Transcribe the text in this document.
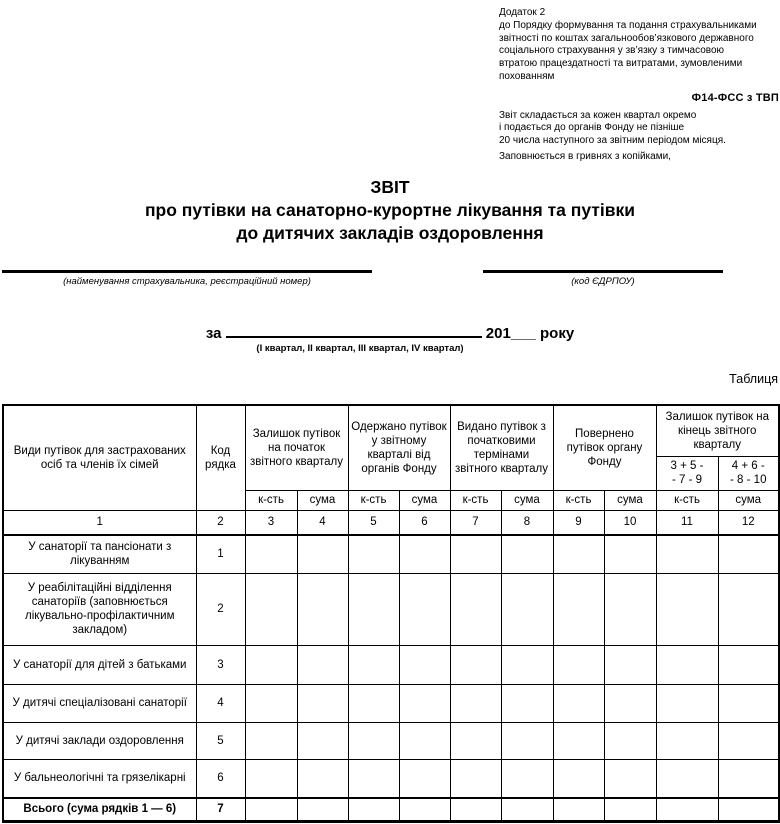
Додаток 2
до Порядку формування та подання страхувальниками
звітності по коштах загальнообов’язкового державного
соціального страхування у зв’язку з тимчасовою
втратою працездатності та витратами, зумовленими
похованням
Ф14-ФСС з ТВП
Звіт складається за кожен квартал окремо
і подається до органів Фонду не пізніше
20 числа наступного за звітним періодом місяця.
Заповнюється в гривнях з копійками,
ЗВІТ
про путівки на санаторно-курортне лікування та путівки
до дитячих закладів оздоровлення
(найменування страхувальника, реєстраційний номер)	(код ЄДРПОУ)
за	201___ року
(І квартал, ІІ квартал, ІІІ квартал, IV квартал)
Таблиця
Види путівок для застрахованих осіб та членів їх сімей	Код рядка	Залишок путівок на початок звітного кварталу		Одержано путівок у звітному кварталі від органів Фонду		Видано путівок з початковими термінами звітного кварталу		Повернено путівок органу Фонду		Залишок путівок на кінець звітного кварталу	

3 + 5 -
- 7 - 9

4 + 6 -
- 8 - 10

		к-сть	сума	к-сть	сума	к-сть	сума	к-сть	сума	к-сть	сума
1	2	3	4	5	6	7	8	9	10	11	12
У санаторії та пансіонати з лікуванням	1										
У реабілітаційні відділення санаторіїв (заповнюється лікувально-профілактичним закладом)	2										
У санаторії для дітей з батьками	3										
У дитячі спеціалізовані санаторії	4										
У дитячі заклади оздоровлення	5										
У бальнеологічні та грязелікарні	6										
Всього (сума рядків 1 — 6)	7										
